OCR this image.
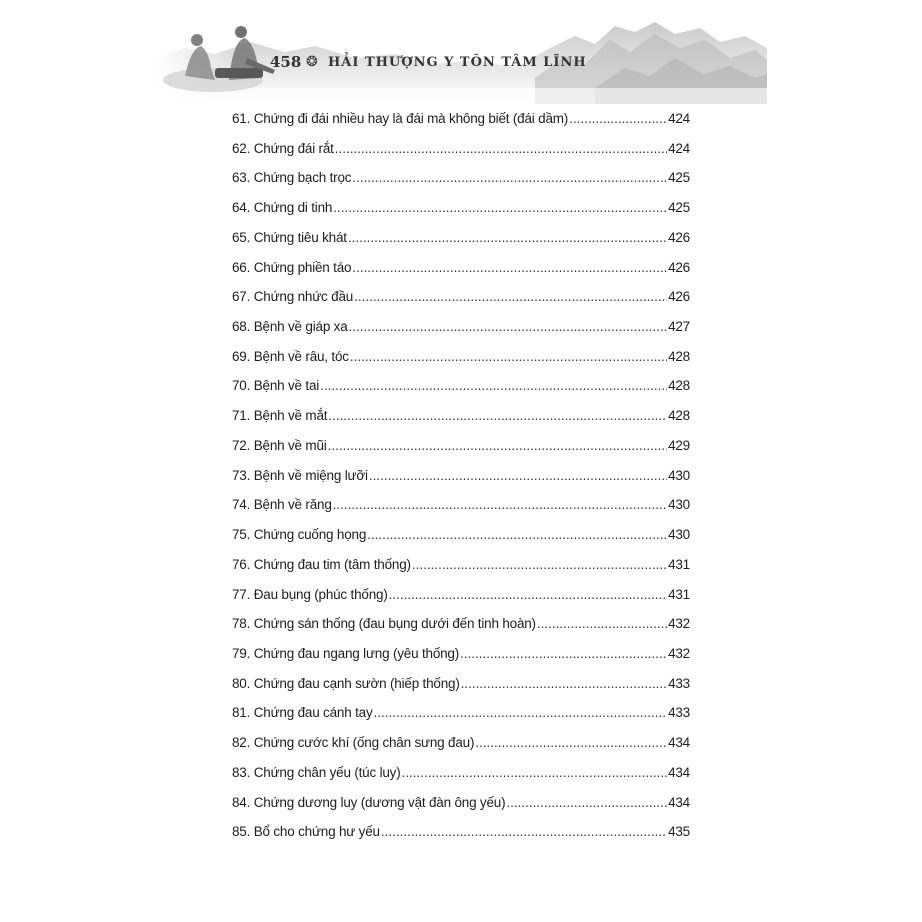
458 ❂ HẢI THƯỢNG Y TÔN TÂM LĨNH
61. Chứng đi đái nhiều hay là đái mà không biết (đái dầm) .....	424
62. Chứng đái rắt .....	424
63. Chứng bạch trọc .....	425
64. Chứng di tinh .....	425
65. Chứng tiêu khát .....	426
66. Chứng phiền táo .....	426
67. Chứng nhức đầu .....	426
68. Bệnh về giáp xa .....	427
69. Bệnh về râu, tóc .....	428
70. Bệnh về tai .....	428
71. Bệnh về mắt .....	428
72. Bệnh về mũi .....	429
73. Bệnh về miệng lưỡi .....	430
74. Bệnh về răng .....	430
75. Chứng cuống họng .....	430
76. Chứng đau tim (tâm thống) .....	431
77. Đau bụng (phúc thống) .....	431
78. Chứng sán thống (đau bụng dưới đến tinh hoàn) .....	432
79. Chứng đau ngang lưng (yêu thống) .....	432
80. Chứng đau cạnh sườn (hiếp thống) .....	433
81. Chứng đau cánh tay .....	433
82. Chứng cước khí (ống chân sưng đau) .....	434
83. Chứng chân yếu (túc luy) .....	434
84. Chứng dương luy (dương vật đàn ông yếu) .....	434
85. Bổ cho chứng hư yếu .....	435
